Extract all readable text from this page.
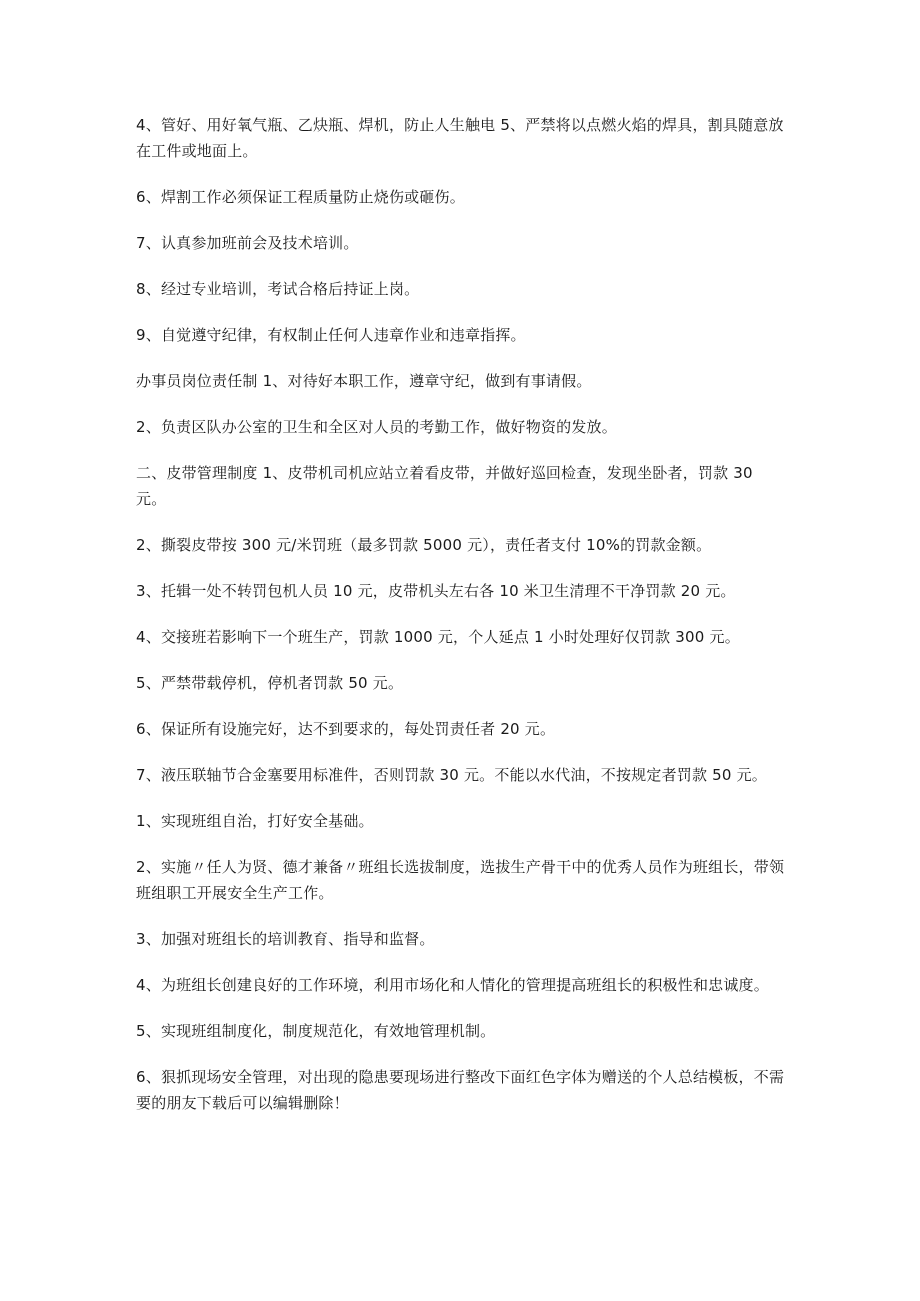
4、管好、用好氧气瓶、乙炔瓶、焊机，防止人生触电 5、严禁将以点燃火焰的焊具，割具随意放在工件或地面上。

6、焊割工作必须保证工程质量防止烧伤或砸伤。

7、认真参加班前会及技术培训。

8、经过专业培训，考试合格后持证上岗。

9、自觉遵守纪律，有权制止任何人违章作业和违章指挥。

办事员岗位责任制 1、对待好本职工作，遵章守纪，做到有事请假。

2、负责区队办公室的卫生和全区对人员的考勤工作，做好物资的发放。

二、皮带管理制度 1、皮带机司机应站立着看皮带，并做好巡回检查，发现坐卧者，罚款 30 元。

2、撕裂皮带按 300 元/米罚班（最多罚款 5000 元），责任者支付 10%的罚款金额。

3、托辑一处不转罚包机人员 10 元，皮带机头左右各 10 米卫生清理不干净罚款 20 元。

4、交接班若影响下一个班生产，罚款 1000 元，个人延点 1 小时处理好仅罚款 300 元。

5、严禁带载停机，停机者罚款 50 元。

6、保证所有设施完好，达不到要求的，每处罚责任者 20 元。

7、液压联轴节合金塞要用标准件，否则罚款 30 元。不能以水代油，不按规定者罚款 50 元。

1、实现班组自治，打好安全基础。

2、实施〃任人为贤、德才兼备〃班组长选拔制度，选拔生产骨干中的优秀人员作为班组长，带领班组职工开展安全生产工作。

3、加强对班组长的培训教育、指导和监督。

4、为班组长创建良好的工作环境，利用市场化和人情化的管理提高班组长的积极性和忠诚度。

5、实现班组制度化，制度规范化，有效地管理机制。

6、狠抓现场安全管理，对出现的隐患要现场进行整改下面红色字体为赠送的个人总结模板，不需要的朋友下载后可以编辑删除！
